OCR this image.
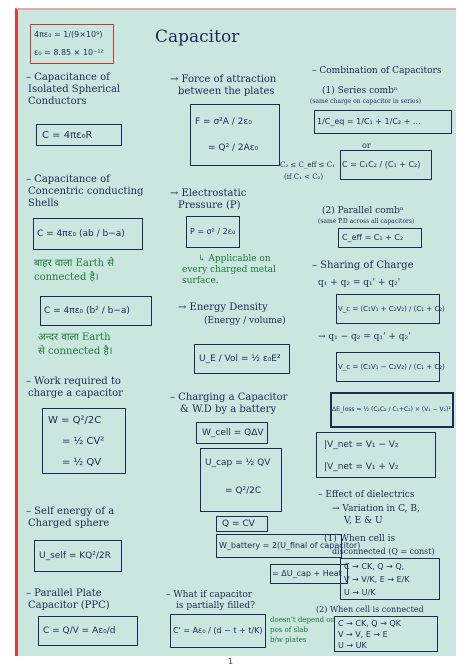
4πε₀ = 1/(9×10⁹)
ε₀ = 8.85 × 10⁻¹²
Capacitor
– Capacitance of
Isolated Spherical
Conductors
C = 4πε₀R
– Capacitance of
Concentric conducting
Shells
C = 4πε₀ (ab / b−a)
बाहर वाला Earth से
connected है।
C = 4πε₀ (b² / b−a)
अन्दर वाला Earth
से connected है।
– Work required to
charge a capacitor
W = Q²/2C
= ½ CV²
= ½ QV
– Self energy of a
Charged sphere
U_self = KQ²/2R
– Parallel Plate
Capacitor (PPC)
C = Q/V = Aε₀/d
→ Force of attraction
between the plates
F = σ²A / 2ε₀
= Q² / 2Aε₀
→ Electrostatic
Pressure (P)
P = σ² / 2ε₀
↳ Applicable on
every charged metal
surface.
→ Energy Density
(Energy / volume)
U_E / Vol = ½ ε₀E²
– Charging a Capacitor
& W.D by a battery
W_cell = QΔV
U_cap = ½ QV
= Q²/2C
Q = CV
W_battery = 2(U_final of capacitor)
= ΔU_cap + Heat
– What if capacitor
is partially filled?
C' = Aε₀ / (d − t + t/K)
doesn't depend on
pos of slab
b/w plates
– Combination of Capacitors
(1) Series combⁿ
(same charge on capacitor in series)
1/C_eq = 1/C₁ + 1/C₂ + ...
or
C₂ ≤ C_eff ≤ C₁
(if C₁ < C₂)
C = C₁C₂ / (C₁ + C₂)
(2) Parallel combⁿ
(same P.D across all capacitors)
C_eff = C₁ + C₂
– Sharing of Charge
q₁ + q₂ = q₁' + q₂'
V_c = (C₁V₁ + C₂V₂) / (C₁ + C₂)
→ q₁ − q₂ = q₁' + q₂'
V_c = (C₁V₁ − C₂V₂) / (C₁ + C₂)
ΔE_loss = ½ (C₁C₂ / C₁+C₂) × (V₁ − V₂)²
|V_net = V₁ − V₂
|V_net = V₁ + V₂
– Effect of dielectrics
→ Variation in C, B,
V, E & U
(1) When cell is
disconnected (Q = const)
C → CK, Q → Q,
V → V/K, E → E/K
U → U/K
(2) When cell is connected
C → CK, Q → QK
V → V, E → E
U → UK
1
